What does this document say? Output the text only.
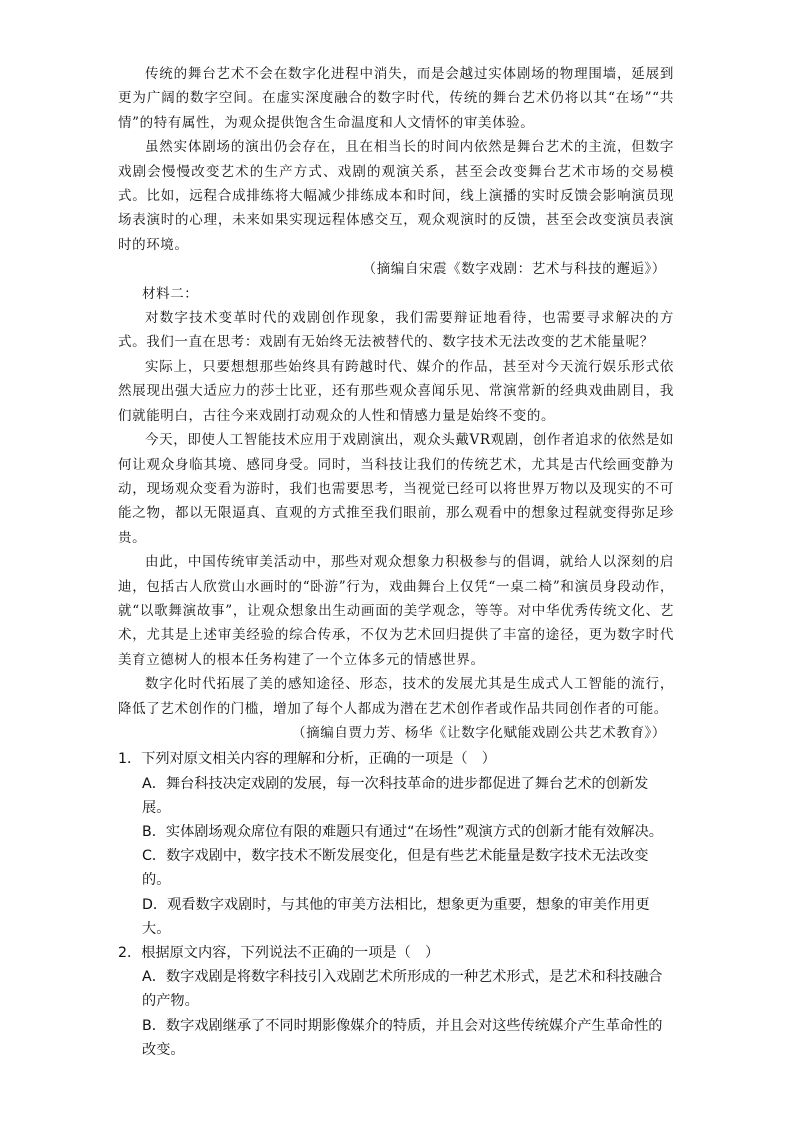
传统的舞台艺术不会在数字化进程中消失，而是会越过实体剧场的物理围墙，延展到更为广阔的数字空间。在虚实深度融合的数字时代，传统的舞台艺术仍将以其“在场”“共情”的特有属性，为观众提供饱含生命温度和人文情怀的审美体验。

虽然实体剧场的演出仍会存在，且在相当长的时间内依然是舞台艺术的主流，但数字戏剧会慢慢改变艺术的生产方式、戏剧的观演关系，甚至会改变舞台艺术市场的交易模式。比如，远程合成排练将大幅减少排练成本和时间，线上演播的实时反馈会影响演员现场表演时的心理，未来如果实现远程体感交互，观众观演时的反馈，甚至会改变演员表演时的环境。

（摘编自宋震《数字戏剧：艺术与科技的邂逅》）

材料二：

对数字技术变革时代的戏剧创作现象，我们需要辩证地看待，也需要寻求解决的方式。我们一直在思考：戏剧有无始终无法被替代的、数字技术无法改变的艺术能量呢？

实际上，只要想想那些始终具有跨越时代、媒介的作品，甚至对今天流行娱乐形式依然展现出强大适应力的莎士比亚，还有那些观众喜闻乐见、常演常新的经典戏曲剧目，我们就能明白，古往今来戏剧打动观众的人性和情感力量是始终不变的。

今天，即使人工智能技术应用于戏剧演出，观众头戴VR观剧，创作者追求的依然是如何让观众身临其境、感同身受。同时，当科技让我们的传统艺术，尤其是古代绘画变静为动，现场观众变看为游时，我们也需要思考，当视觉已经可以将世界万物以及现实的不可能之物，都以无限逼真、直观的方式推至我们眼前，那么观看中的想象过程就变得弥足珍贵。

由此，中国传统审美活动中，那些对观众想象力积极参与的倡调，就给人以深刻的启迪，包括古人欣赏山水画时的“卧游”行为，戏曲舞台上仅凭“一桌二椅”和演员身段动作，就“以歌舞演故事”，让观众想象出生动画面的美学观念，等等。对中华优秀传统文化、艺术，尤其是上述审美经验的综合传承，不仅为艺术回归提供了丰富的途径，更为数字时代美育立德树人的根本任务构建了一个立体多元的情感世界。

数字化时代拓展了美的感知途径、形态，技术的发展尤其是生成式人工智能的流行，降低了艺术创作的门槛，增加了每个人都成为潜在艺术创作者或作品共同创作者的可能。

（摘编自贾力芳、杨华《让数字化赋能戏剧公共艺术教育》）

1．下列对原文相关内容的理解和分析，正确的一项是（　）

A．舞台科技决定戏剧的发展，每一次科技革命的进步都促进了舞台艺术的创新发展。

B．实体剧场观众席位有限的难题只有通过“在场性”观演方式的创新才能有效解决。

C．数字戏剧中，数字技术不断发展变化，但是有些艺术能量是数字技术无法改变的。

D．观看数字戏剧时，与其他的审美方法相比，想象更为重要，想象的审美作用更大。

2．根据原文内容，下列说法不正确的一项是（　）

A．数字戏剧是将数字科技引入戏剧艺术所形成的一种艺术形式，是艺术和科技融合的产物。

B．数字戏剧继承了不同时期影像媒介的特质，并且会对这些传统媒介产生革命性的改变。
